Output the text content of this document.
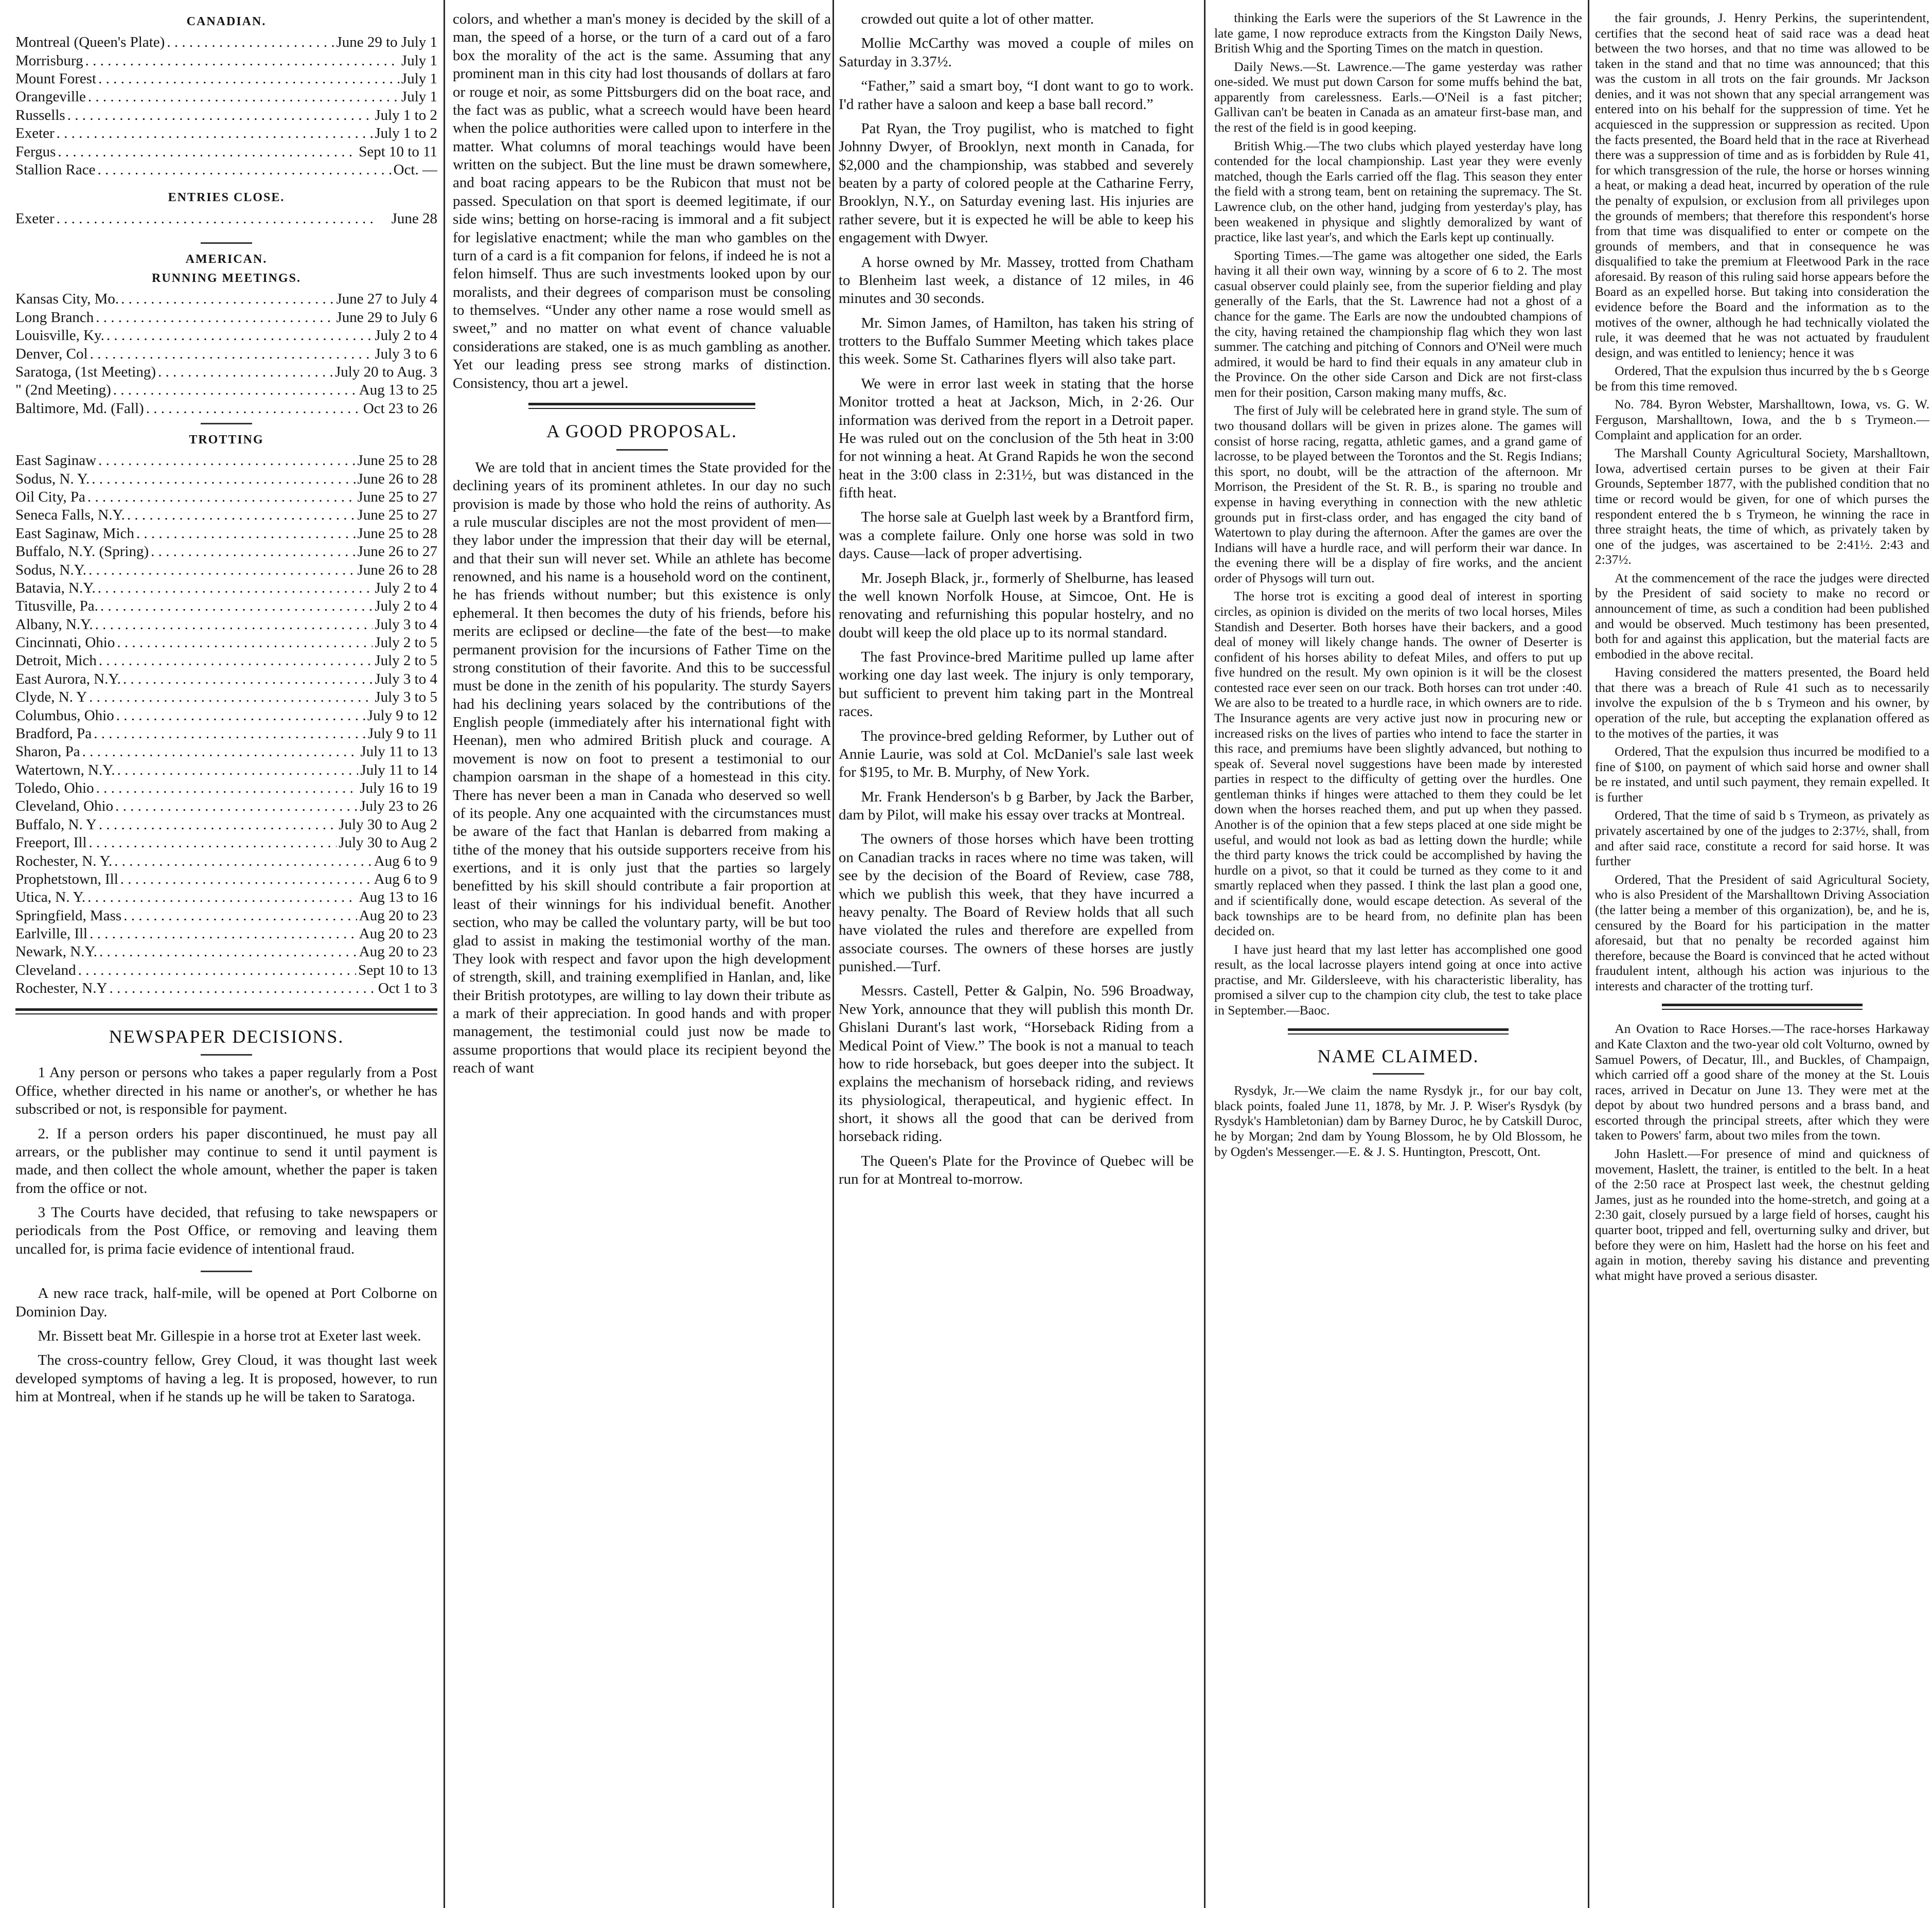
CANADIAN.
Montreal (Queen's Plate) . . .	June 29 to July 1
Morrisburg . . .	July 1
Mount Forest . . .	July 1
Orangeville . . .	July 1
Russells . . .	July 1 to 2
Exeter . . .	July 1 to 2
Fergus . . .	Sept 10 to 11
Stallion Race . . .	Oct. —
ENTRIES CLOSE.
Exeter . . .	June 28
AMERICAN.
RUNNING MEETINGS.
Kansas City, Mo. . . .	June 27 to July 4
Long Branch . . .	June 29 to July 6
Louisville, Ky. . . .	July 2 to 4
Denver, Col . . .	July 3 to 6
Saratoga, (1st Meeting) . . .	July 20 to Aug. 3
" (2nd Meeting) . . .	Aug 13 to 25
Baltimore, Md. (Fall) . . .	Oct 23 to 26
TROTTING
East Saginaw . . .	June 25 to 28
Sodus, N. Y. . . .	June 26 to 28
Oil City, Pa . . .	June 25 to 27
Seneca Falls, N.Y. . . .	June 25 to 27
East Saginaw, Mich . . .	June 25 to 28
Buffalo, N.Y. (Spring) . . .	June 26 to 27
Sodus, N.Y. . . .	June 26 to 28
Batavia, N.Y. . . .	July 2 to 4
Titusville, Pa. . . .	July 2 to 4
Albany, N.Y. . . .	July 3 to 4
Cincinnati, Ohio . . .	July 2 to 5
Detroit, Mich . . .	July 2 to 5
East Aurora, N.Y. . . .	July 3 to 4
Clyde, N. Y . . .	July 3 to 5
Columbus, Ohio . . .	July 9 to 12
Bradford, Pa . . .	July 9 to 11
Sharon, Pa . . .	July 11 to 13
Watertown, N.Y. . . .	July 11 to 14
Toledo, Ohio . . .	July 16 to 19
Cleveland, Ohio . . .	July 23 to 26
Buffalo, N. Y . . .	July 30 to Aug 2
Freeport, Ill . . .	July 30 to Aug 2
Rochester, N. Y. . . .	Aug 6 to 9
Prophetstown, Ill . . .	Aug 6 to 9
Utica, N. Y. . . .	Aug 13 to 16
Springfield, Mass . . .	Aug 20 to 23
Earlville, Ill . . .	Aug 20 to 23
Newark, N.Y. . . .	Aug 20 to 23
Cleveland . . .	Sept 10 to 13
Rochester, N.Y . . .	Oct 1 to 3
NEWSPAPER DECISIONS.

1 Any person or persons who takes a paper regularly from a Post Office, whether directed in his name or another's, or whether he has subscribed or not, is responsible for payment.

2. If a person orders his paper discontinued, he must pay all arrears, or the publisher may continue to send it until payment is made, and then collect the whole amount, whether the paper is taken from the office or not.

3 The Courts have decided, that refusing to take newspapers or periodicals from the Post Office, or removing and leaving them uncalled for, is prima facie evidence of intentional fraud.

A new race track, half-mile, will be opened at Port Colborne on Dominion Day.

Mr. Bissett beat Mr. Gillespie in a horse trot at Exeter last week.

The cross-country fellow, Grey Cloud, it was thought last week developed symptoms of having a leg. It is proposed, however, to run him at Montreal, when if he stands up he will be taken to Saratoga.

colors, and whether a man's money is decided by the skill of a man, the speed of a horse, or the turn of a card out of a faro box the morality of the act is the same. Assuming that any prominent man in this city had lost thousands of dollars at faro or rouge et noir, as some Pittsburgers did on the boat race, and the fact was as public, what a screech would have been heard when the police authorities were called upon to interfere in the matter. What columns of moral teachings would have been written on the subject. But the line must be drawn somewhere, and boat racing appears to be the Rubicon that must not be passed. Speculation on that sport is deemed legitimate, if our side wins; betting on horse-racing is immoral and a fit subject for legislative enactment; while the man who gambles on the turn of a card is a fit companion for felons, if indeed he is not a felon himself. Thus are such investments looked upon by our moralists, and their degrees of comparison must be consoling to themselves. “Under any other name a rose would smell as sweet,” and no matter on what event of chance valuable considerations are staked, one is as much gambling as another. Yet our leading press see strong marks of distinction. Consistency, thou art a jewel.

A GOOD PROPOSAL.

We are told that in ancient times the State provided for the declining years of its prominent athletes. In our day no such provision is made by those who hold the reins of authority. As a rule muscular disciples are not the most provident of men—they labor under the impression that their day will be eternal, and that their sun will never set. While an athlete has become renowned, and his name is a household word on the continent, he has friends without number; but this existence is only ephemeral. It then becomes the duty of his friends, before his merits are eclipsed or decline—the fate of the best—to make permanent provision for the incursions of Father Time on the strong constitution of their favorite. And this to be successful must be done in the zenith of his popularity. The sturdy Sayers had his declining years solaced by the contributions of the English people (immediately after his international fight with Heenan), men who admired British pluck and courage. A movement is now on foot to present a testimonial to our champion oarsman in the shape of a homestead in this city. There has never been a man in Canada who deserved so well of its people. Any one acquainted with the circumstances must be aware of the fact that Hanlan is debarred from making a tithe of the money that his outside supporters receive from his exertions, and it is only just that the parties so largely benefitted by his skill should contribute a fair proportion at least of their winnings for his individual benefit. Another section, who may be called the voluntary party, will be but too glad to assist in making the testimonial worthy of the man. They look with respect and favor upon the high development of strength, skill, and training exemplified in Hanlan, and, like their British prototypes, are willing to lay down their tribute as a mark of their appreciation. In good hands and with proper management, the testimonial could just now be made to assume proportions that would place its recipient beyond the reach of want

crowded out quite a lot of other matter.

Mollie McCarthy was moved a couple of miles on Saturday in 3.37½.

“Father,” said a smart boy, “I dont want to go to work. I'd rather have a saloon and keep a base ball record.”

Pat Ryan, the Troy pugilist, who is matched to fight Johnny Dwyer, of Brooklyn, next month in Canada, for $2,000 and the championship, was stabbed and severely beaten by a party of colored people at the Catharine Ferry, Brooklyn, N.Y., on Saturday evening last. His injuries are rather severe, but it is expected he will be able to keep his engagement with Dwyer.

A horse owned by Mr. Massey, trotted from Chatham to Blenheim last week, a distance of 12 miles, in 46 minutes and 30 seconds.

Mr. Simon James, of Hamilton, has taken his string of trotters to the Buffalo Summer Meeting which takes place this week. Some St. Catharines flyers will also take part.

We were in error last week in stating that the horse Monitor trotted a heat at Jackson, Mich, in 2·26. Our information was derived from the report in a Detroit paper. He was ruled out on the conclusion of the 5th heat in 3:00 for not winning a heat. At Grand Rapids he won the second heat in the 3:00 class in 2:31½, but was distanced in the fifth heat.

The horse sale at Guelph last week by a Brantford firm, was a complete failure. Only one horse was sold in two days. Cause—lack of proper advertising.

Mr. Joseph Black, jr., formerly of Shelburne, has leased the well known Norfolk House, at Simcoe, Ont. He is renovating and refurnishing this popular hostelry, and no doubt will keep the old place up to its normal standard.

The fast Province-bred Maritime pulled up lame after working one day last week. The injury is only temporary, but sufficient to prevent him taking part in the Montreal races.

The province-bred gelding Reformer, by Luther out of Annie Laurie, was sold at Col. McDaniel's sale last week for $195, to Mr. B. Murphy, of New York.

Mr. Frank Henderson's b g Barber, by Jack the Barber, dam by Pilot, will make his essay over tracks at Montreal.

The owners of those horses which have been trotting on Canadian tracks in races where no time was taken, will see by the decision of the Board of Review, case 788, which we publish this week, that they have incurred a heavy penalty. The Board of Review holds that all such have violated the rules and therefore are expelled from associate courses. The owners of these horses are justly punished.—Turf.

Messrs. Castell, Petter & Galpin, No. 596 Broadway, New York, announce that they will publish this month Dr. Ghislani Durant's last work, “Horseback Riding from a Medical Point of View.” The book is not a manual to teach how to ride horseback, but goes deeper into the subject. It explains the mechanism of horseback riding, and reviews its physiological, therapeutical, and hygienic effect. In short, it shows all the good that can be derived from horseback riding.

The Queen's Plate for the Province of Quebec will be run for at Montreal to-morrow.

thinking the Earls were the superiors of the St Lawrence in the late game, I now reproduce extracts from the Kingston Daily News, British Whig and the Sporting Times on the match in question.

Daily News.—St. Lawrence.—The game yesterday was rather one-sided. We must put down Carson for some muffs behind the bat, apparently from carelessness. Earls.—O'Neil is a fast pitcher; Gallivan can't be beaten in Canada as an amateur first-base man, and the rest of the field is in good keeping.

British Whig.—The two clubs which played yesterday have long contended for the local championship. Last year they were evenly matched, though the Earls carried off the flag. This season they enter the field with a strong team, bent on retaining the supremacy. The St. Lawrence club, on the other hand, judging from yesterday's play, has been weakened in physique and slightly demoralized by want of practice, like last year's, and which the Earls kept up continually.

Sporting Times.—The game was altogether one sided, the Earls having it all their own way, winning by a score of 6 to 2. The most casual observer could plainly see, from the superior fielding and play generally of the Earls, that the St. Lawrence had not a ghost of a chance for the game. The Earls are now the undoubted champions of the city, having retained the championship flag which they won last summer. The catching and pitching of Connors and O'Neil were much admired, it would be hard to find their equals in any amateur club in the Province. On the other side Carson and Dick are not first-class men for their position, Carson making many muffs, &c.

The first of July will be celebrated here in grand style. The sum of two thousand dollars will be given in prizes alone. The games will consist of horse racing, regatta, athletic games, and a grand game of lacrosse, to be played between the Torontos and the St. Regis Indians; this sport, no doubt, will be the attraction of the afternoon. Mr Morrison, the President of the St. R. B., is sparing no trouble and expense in having everything in connection with the new athletic grounds put in first-class order, and has engaged the city band of Watertown to play during the afternoon. After the games are over the Indians will have a hurdle race, and will perform their war dance. In the evening there will be a display of fire works, and the ancient order of Physogs will turn out.

The horse trot is exciting a good deal of interest in sporting circles, as opinion is divided on the merits of two local horses, Miles Standish and Deserter. Both horses have their backers, and a good deal of money will likely change hands. The owner of Deserter is confident of his horses ability to defeat Miles, and offers to put up five hundred on the result. My own opinion is it will be the closest contested race ever seen on our track. Both horses can trot under :40. We are also to be treated to a hurdle race, in which owners are to ride. The Insurance agents are very active just now in procuring new or increased risks on the lives of parties who intend to face the starter in this race, and premiums have been slightly advanced, but nothing to speak of. Several novel suggestions have been made by interested parties in respect to the difficulty of getting over the hurdles. One gentleman thinks if hinges were attached to them they could be let down when the horses reached them, and put up when they passed. Another is of the opinion that a few steps placed at one side might be useful, and would not look as bad as letting down the hurdle; while the third party knows the trick could be accomplished by having the hurdle on a pivot, so that it could be turned as they come to it and smartly replaced when they passed. I think the last plan a good one, and if scientifically done, would escape detection. As several of the back townships are to be heard from, no definite plan has been decided on.

I have just heard that my last letter has accomplished one good result, as the local lacrosse players intend going at once into active practise, and Mr. Gildersleeve, with his characteristic liberality, has promised a silver cup to the champion city club, the test to take place in September.—Baoc.

NAME CLAIMED.

Rysdyk, Jr.—We claim the name Rysdyk jr., for our bay colt, black points, foaled June 11, 1878, by Mr. J. P. Wiser's Rysdyk (by Rysdyk's Hambletonian) dam by Barney Duroc, he by Catskill Duroc, he by Morgan; 2nd dam by Young Blossom, he by Old Blossom, he by Ogden's Messenger.—E. & J. S. Huntington, Prescott, Ont.

the fair grounds, J. Henry Perkins, the superintendent, certifies that the second heat of said race was a dead heat between the two horses, and that no time was allowed to be taken in the stand and that no time was announced; that this was the custom in all trots on the fair grounds. Mr Jackson denies, and it was not shown that any special arrangement was entered into on his behalf for the suppression of time. Yet he acquiesced in the suppression or suppression as recited. Upon the facts presented, the Board held that in the race at Riverhead there was a suppression of time and as is forbidden by Rule 41, for which transgression of the rule, the horse or horses winning a heat, or making a dead heat, incurred by operation of the rule the penalty of expulsion, or exclusion from all privileges upon the grounds of members; that therefore this respondent's horse from that time was disqualified to enter or compete on the grounds of members, and that in consequence he was disqualified to take the premium at Fleetwood Park in the race aforesaid. By reason of this ruling said horse appears before the Board as an expelled horse. But taking into consideration the evidence before the Board and the information as to the motives of the owner, although he had technically violated the rule, it was deemed that he was not actuated by fraudulent design, and was entitled to leniency; hence it was

Ordered, That the expulsion thus incurred by the b s George be from this time removed.

No. 784. Byron Webster, Marshalltown, Iowa, vs. G. W. Ferguson, Marshalltown, Iowa, and the b s Trymeon.—Complaint and application for an order.

The Marshall County Agricultural Society, Marshalltown, Iowa, advertised certain purses to be given at their Fair Grounds, September 1877, with the published condition that no time or record would be given, for one of which purses the respondent entered the b s Trymeon, he winning the race in three straight heats, the time of which, as privately taken by one of the judges, was ascertained to be 2:41½. 2:43 and 2:37½.

At the commencement of the race the judges were directed by the President of said society to make no record or announcement of time, as such a condition had been published and would be observed. Much testimony has been presented, both for and against this application, but the material facts are embodied in the above recital.

Having considered the matters presented, the Board held that there was a breach of Rule 41 such as to necessarily involve the expulsion of the b s Trymeon and his owner, by operation of the rule, but accepting the explanation offered as to the motives of the parties, it was

Ordered, That the expulsion thus incurred be modified to a fine of $100, on payment of which said horse and owner shall be re instated, and until such payment, they remain expelled. It is further

Ordered, That the time of said b s Trymeon, as privately as privately ascertained by one of the judges to 2:37½, shall, from and after said race, constitute a record for said horse. It was further

Ordered, That the President of said Agricultural Society, who is also President of the Marshalltown Driving Association (the latter being a member of this organization), be, and he is, censured by the Board for his participation in the matter aforesaid, but that no penalty be recorded against him therefore, because the Board is convinced that he acted without fraudulent intent, although his action was injurious to the interests and character of the trotting turf.

An Ovation to Race Horses.—The race-horses Harkaway and Kate Claxton and the two-year old colt Volturno, owned by Samuel Powers, of Decatur, Ill., and Buckles, of Champaign, which carried off a good share of the money at the St. Louis races, arrived in Decatur on June 13. They were met at the depot by about two hundred persons and a brass band, and escorted through the principal streets, after which they were taken to Powers' farm, about two miles from the town.

John Haslett.—For presence of mind and quickness of movement, Haslett, the trainer, is entitled to the belt. In a heat of the 2:50 race at Prospect last week, the chestnut gelding James, just as he rounded into the home-stretch, and going at a 2:30 gait, closely pursued by a large field of horses, caught his quarter boot, tripped and fell, overturning sulky and driver, but before they were on him, Haslett had the horse on his feet and again in motion, thereby saving his distance and preventing what might have proved a serious disaster.
